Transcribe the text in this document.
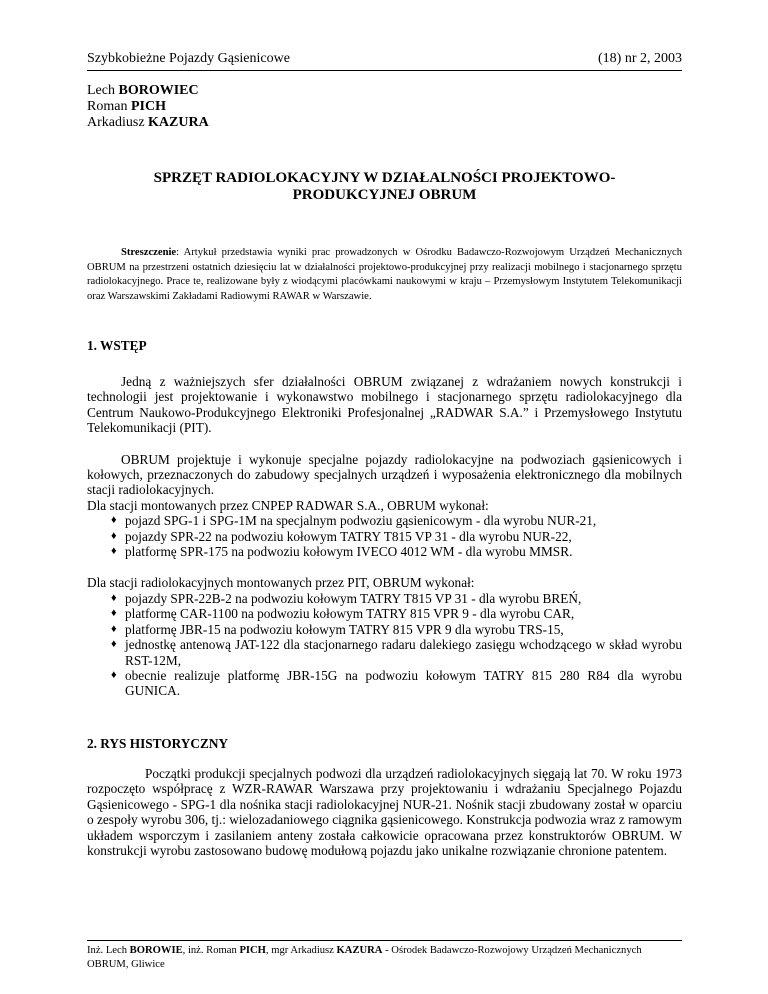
Szybkobieżne Pojazdy Gąsienicowe	(18) nr 2, 2003
Lech BOROWIEC
Roman PICH
Arkadiusz KAZURA
SPRZĘT RADIOLOKACYJNY W DZIAŁALNOŚCI PROJEKTOWO-
PRODUKCYJNEJ OBRUM

Streszczenie: Artykuł przedstawia wyniki prac prowadzonych w Ośrodku Badawczo-Rozwojowym Urządzeń Mechanicznych OBRUM na przestrzeni ostatnich dziesięciu lat w działalności projektowo-produkcyjnej przy realizacji mobilnego i stacjonarnego sprzętu radiolokacyjnego. Prace te, realizowane były z wiodącymi placówkami naukowymi w kraju – Przemysłowym Instytutem Telekomunikacji oraz Warszawskimi Zakładami Radiowymi RAWAR w Warszawie.

1. WSTĘP

Jedną z ważniejszych sfer działalności OBRUM związanej z wdrażaniem nowych konstrukcji i technologii jest projektowanie i wykonawstwo mobilnego i stacjonarnego sprzętu radiolokacyjnego dla Centrum Naukowo-Produkcyjnego Elektroniki Profesjonalnej „RADWAR S.A.” i Przemysłowego Instytutu Telekomunikacji (PIT).

OBRUM projektuje i wykonuje specjalne pojazdy radiolokacyjne na podwoziach gąsienicowych i kołowych, przeznaczonych do zabudowy specjalnych urządzeń i wyposażenia elektronicznego dla mobilnych stacji radiolokacyjnych.

Dla stacji montowanych przez CNPEP RADWAR S.A., OBRUM wykonał:

♦ pojazd SPG-1 i SPG-1M na specjalnym podwoziu gąsienicowym - dla wyrobu NUR-21,
♦ pojazdy SPR-22 na podwoziu kołowym TATRY T815 VP 31 - dla wyrobu NUR-22,
♦ platformę SPR-175 na podwoziu kołowym IVECO 4012 WM - dla wyrobu MMSR.

Dla stacji radiolokacyjnych montowanych przez PIT, OBRUM wykonał:

♦ pojazdy SPR-22B-2 na podwoziu kołowym TATRY T815 VP 31 - dla wyrobu BREŃ,
♦ platformę CAR-1100 na podwoziu kołowym TATRY 815 VPR 9 - dla wyrobu CAR,
♦ platformę JBR-15 na podwoziu kołowym TATRY 815 VPR 9 dla wyrobu TRS-15,
♦ jednostkę antenową JAT-122 dla stacjonarnego radaru dalekiego zasięgu wchodzącego w skład wyrobu RST-12M,
♦ obecnie realizuje platformę JBR-15G na podwoziu kołowym TATRY 815 280 R84 dla wyrobu GUNICA.
2. RYS HISTORYCZNY

Początki produkcji specjalnych podwozi dla urządzeń radiolokacyjnych sięgają lat 70. W roku 1973 rozpoczęto współpracę z WZR-RAWAR Warszawa przy projektowaniu i wdrażaniu Specjalnego Pojazdu Gąsienicowego - SPG-1 dla nośnika stacji radiolokacyjnej NUR-21. Nośnik stacji zbudowany został w oparciu o zespoły wyrobu 306, tj.: wielozadaniowego ciągnika gąsienicowego. Konstrukcja podwozia wraz z ramowym układem wsporczym i zasilaniem anteny została całkowicie opracowana przez konstruktorów OBRUM. W konstrukcji wyrobu zastosowano budowę modułową pojazdu jako unikalne rozwiązanie chronione patentem.

Inż. Lech BOROWIE, inż. Roman PICH, mgr Arkadiusz KAZURA - Ośrodek Badawczo-Rozwojowy Urządzeń Mechanicznych OBRUM, Gliwice
